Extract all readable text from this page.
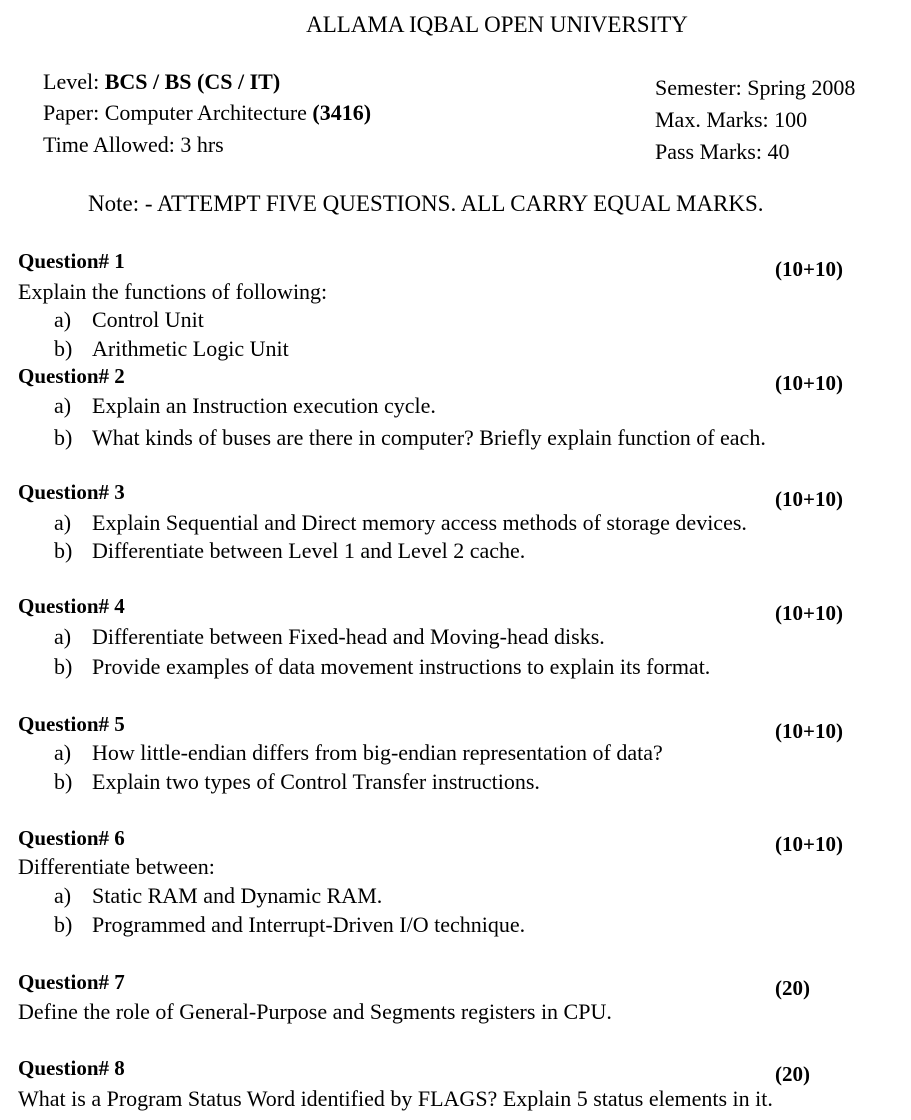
ALLAMA IQBAL OPEN UNIVERSITY
Level: BCS / BS (CS / IT)
Paper: Computer Architecture (3416)
Time Allowed: 3 hrs
Semester: Spring 2008
Max. Marks: 100
Pass Marks: 40
Note: - ATTEMPT FIVE QUESTIONS. ALL CARRY EQUAL MARKS.
Question# 1	(10+10)
Explain the functions of following:
a) Control Unit
b) Arithmetic Logic Unit
Question# 2	(10+10)
a) Explain an Instruction execution cycle.
b) What kinds of buses are there in computer? Briefly explain function of each.
Question# 3	(10+10)
a) Explain Sequential and Direct memory access methods of storage devices.
b) Differentiate between Level 1 and Level 2 cache.
Question# 4	(10+10)
a) Differentiate between Fixed-head and Moving-head disks.
b) Provide examples of data movement instructions to explain its format.
Question# 5	(10+10)
a) How little-endian differs from big-endian representation of data?
b) Explain two types of Control Transfer instructions.
Question# 6	(10+10)
Differentiate between:
a) Static RAM and Dynamic RAM.
b) Programmed and Interrupt-Driven I/O technique.
Question# 7	(20)
Define the role of General-Purpose and Segments registers in CPU.
Question# 8	(20)
What is a Program Status Word identified by FLAGS? Explain 5 status elements in it.
